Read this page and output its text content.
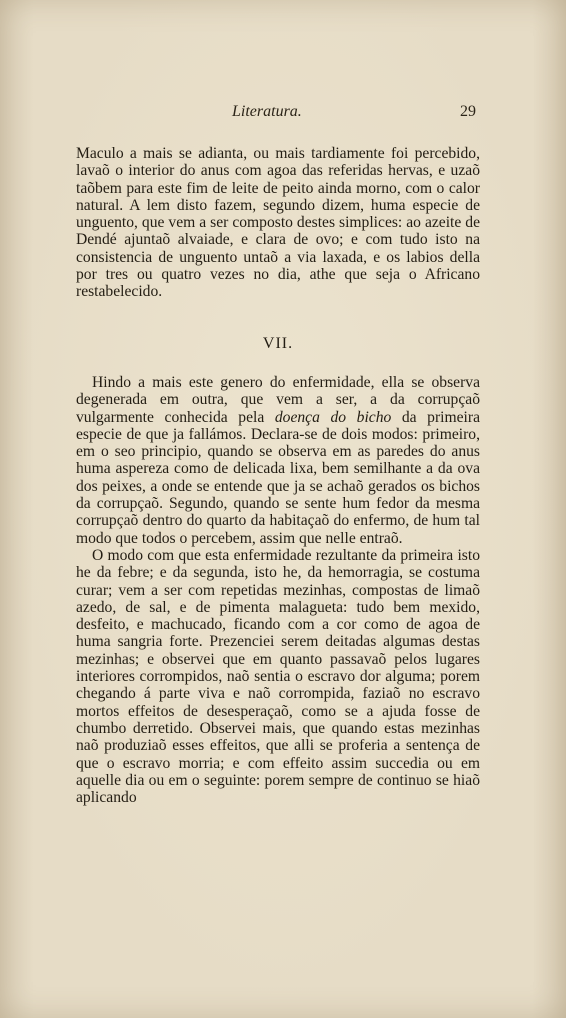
Literatura.	29

Maculo a mais se adianta, ou mais tardiamente foi percebido, lavaõ o interior do anus com agoa das referidas hervas, e uzaõ taõbem para este fim de leite de peito ainda morno, com o calor natural. A lem disto fazem, segundo dizem, huma especie de unguento, que vem a ser composto destes simplices: ao azeite de Dendé ajuntaõ alvaiade, e clara de ovo; e com tudo isto na consistencia de unguento untaõ a via laxada, e os labios della por tres ou quatro vezes no dia, athe que seja o Africano restabelecido.

VII.

Hindo a mais este genero do enfermidade, ella se observa degenerada em outra, que vem a ser, a da corrupçaõ vulgarmente conhecida pela doença do bicho da primeira especie de que ja fallámos. Declara-se de dois modos: primeiro, em o seo principio, quando se observa em as paredes do anus huma aspereza como de delicada lixa, bem semilhante a da ova dos peixes, a onde se entende que ja se achaõ gerados os bichos da corrupçaõ. Segundo, quando se sente hum fedor da mesma corrupçaõ dentro do quarto da habitaçaõ do enfermo, de hum tal modo que todos o percebem, assim que nelle entraõ.

O modo com que esta enfermidade rezultante da primeira isto he da febre; e da segunda, isto he, da hemorragia, se costuma curar; vem a ser com repetidas mezinhas, compostas de limaõ azedo, de sal, e de pimenta malagueta: tudo bem mexido, desfeito, e machucado, ficando com a cor como de agoa de huma sangria forte. Prezenciei serem deitadas algumas destas mezinhas; e observei que em quanto passavaõ pelos lugares interiores corrompidos, naõ sentia o escravo dor alguma; porem chegando á parte viva e naõ corrompida, faziaõ no escravo mortos effeitos de desesperaçaõ, como se a ajuda fosse de chumbo derretido. Observei mais, que quando estas mezinhas naõ produziaõ esses effeitos, que alli se proferia a sentença de que o escravo morria; e com effeito assim succedia ou em aquelle dia ou em o seguinte: porem sempre de continuo se hiaõ aplicando
